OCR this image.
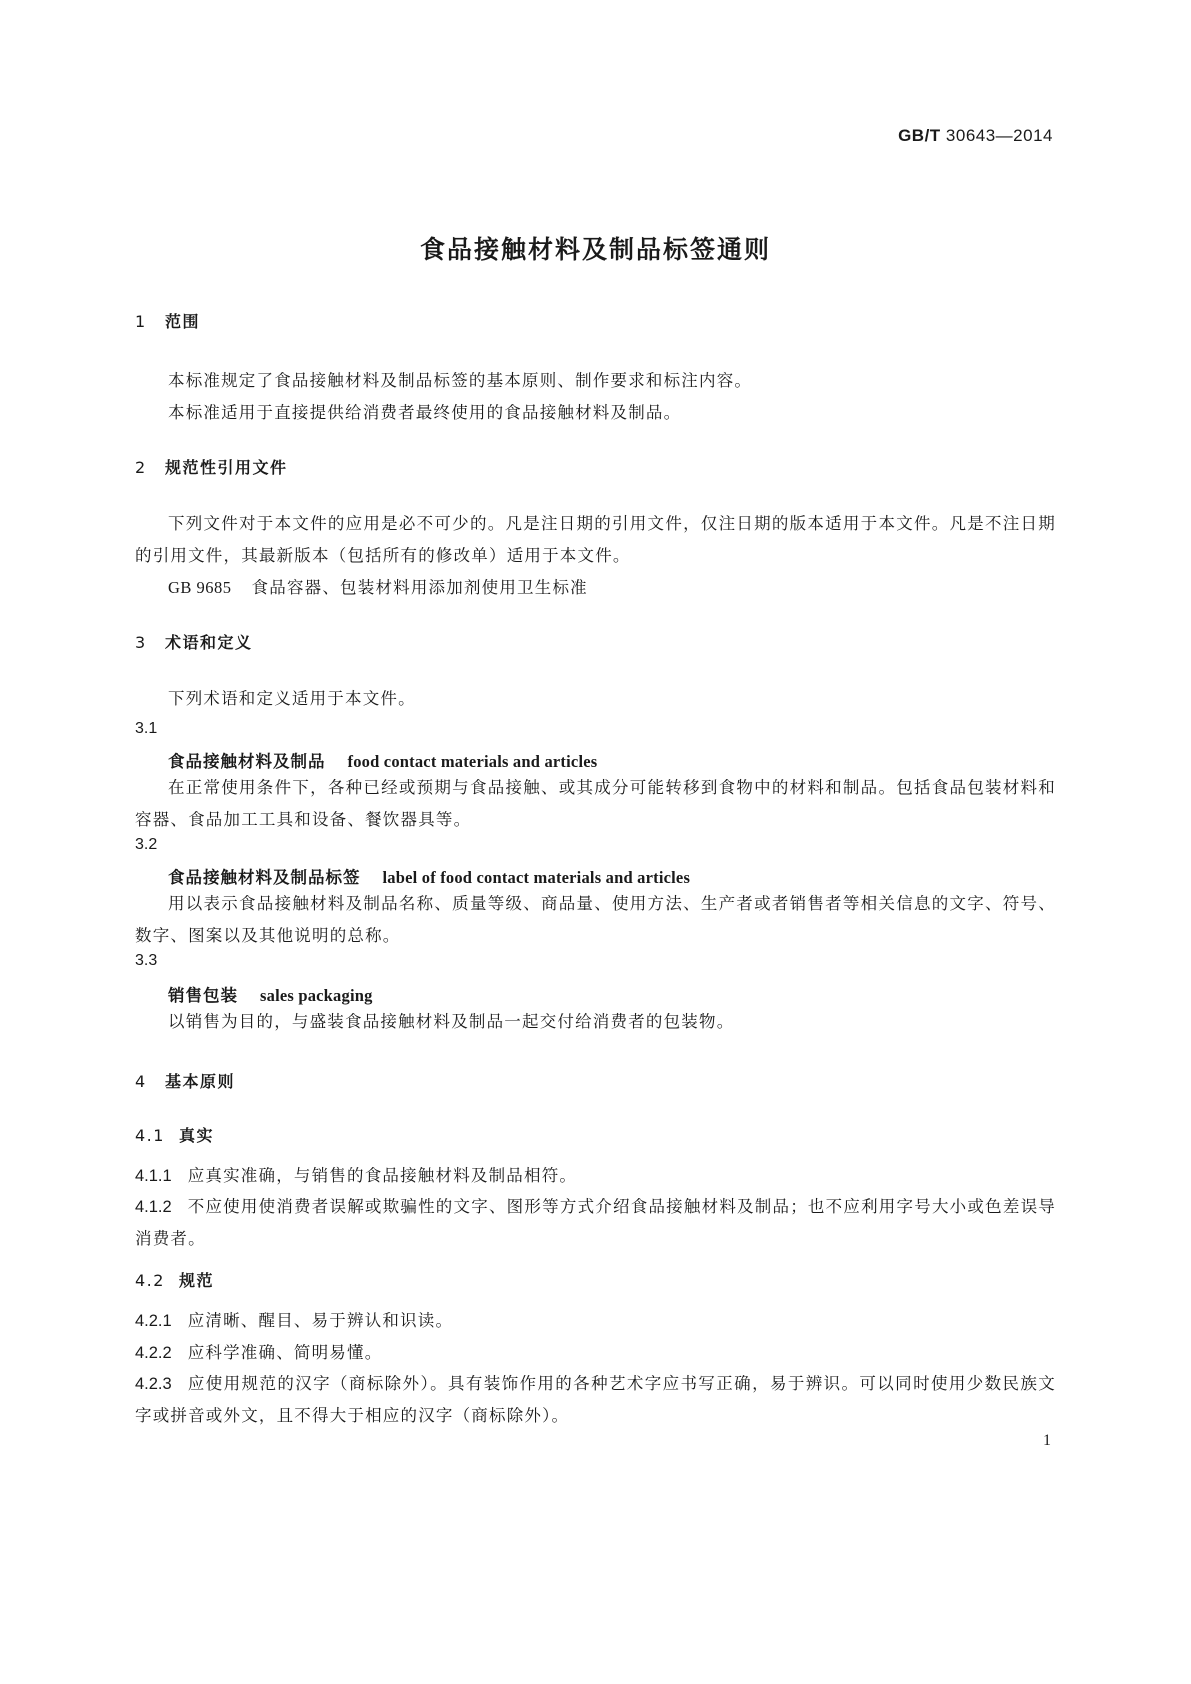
GB/T 30643—2014
食品接触材料及制品标签通则
1 范围
本标准规定了食品接触材料及制品标签的基本原则、制作要求和标注内容。
本标准适用于直接提供给消费者最终使用的食品接触材料及制品。
2 规范性引用文件
下列文件对于本文件的应用是必不可少的。凡是注日期的引用文件，仅注日期的版本适用于本文件。凡是不注日期的引用文件，其最新版本（包括所有的修改单）适用于本文件。
GB 9685 食品容器、包装材料用添加剂使用卫生标准
3 术语和定义
下列术语和定义适用于本文件。
3.1
食品接触材料及制品 food contact materials and articles
在正常使用条件下，各种已经或预期与食品接触、或其成分可能转移到食物中的材料和制品。包括食品包装材料和容器、食品加工工具和设备、餐饮器具等。
3.2
食品接触材料及制品标签 label of food contact materials and articles
用以表示食品接触材料及制品名称、质量等级、商品量、使用方法、生产者或者销售者等相关信息的文字、符号、数字、图案以及其他说明的总称。
3.3
销售包装 sales packaging
以销售为目的，与盛装食品接触材料及制品一起交付给消费者的包装物。
4 基本原则
4.1 真实
4.1.1 应真实准确，与销售的食品接触材料及制品相符。
4.1.2 不应使用使消费者误解或欺骗性的文字、图形等方式介绍食品接触材料及制品；也不应利用字号大小或色差误导消费者。
4.2 规范
4.2.1 应清晰、醒目、易于辨认和识读。
4.2.2 应科学准确、简明易懂。
4.2.3 应使用规范的汉字（商标除外）。具有装饰作用的各种艺术字应书写正确，易于辨识。可以同时使用少数民族文字或拼音或外文，且不得大于相应的汉字（商标除外）。
1
